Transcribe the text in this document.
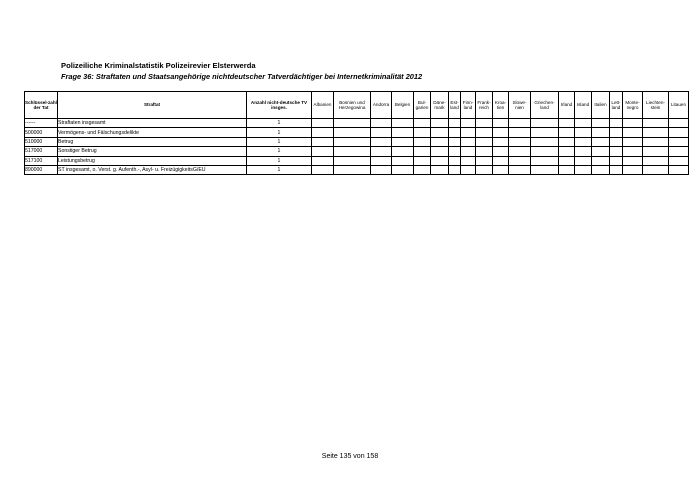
Polizeiliche Kriminalstatistik Polizeirevier Elsterwerda
Frage 36: Straftaten und Staatsangehörige nichtdeutscher Tatverdächtiger bei Internetkriminalität 2012
Schlüssel-zahl der Tat	Straftat	Anzahl nicht-deutsche TV insges.	Albanien	Bosnien und Herzegowina	Andorra	Belgien	Bul-garien	Däne-mark	Est-land	Finn-land	Frank-reich	Kroa-tien	Slowe-nien	Griechen-land	Irland	Island	Italien	Lett-land	Monte-negro	Liechten-stein	Litauen
------	Straftaten insgesamt	1																			
500000	Vermögens- und Fälschungsdelikte	1																			
510000	Betrug	1																			
517000	Sonstiger Betrug	1																			
517100	Leistungsbetrug	1																			
890000	ST insgesamt, o. Verst. g. Aufenth.-, Asyl- u. FreizügigkeitsG/EU	1																			
Seite 135 von 158
